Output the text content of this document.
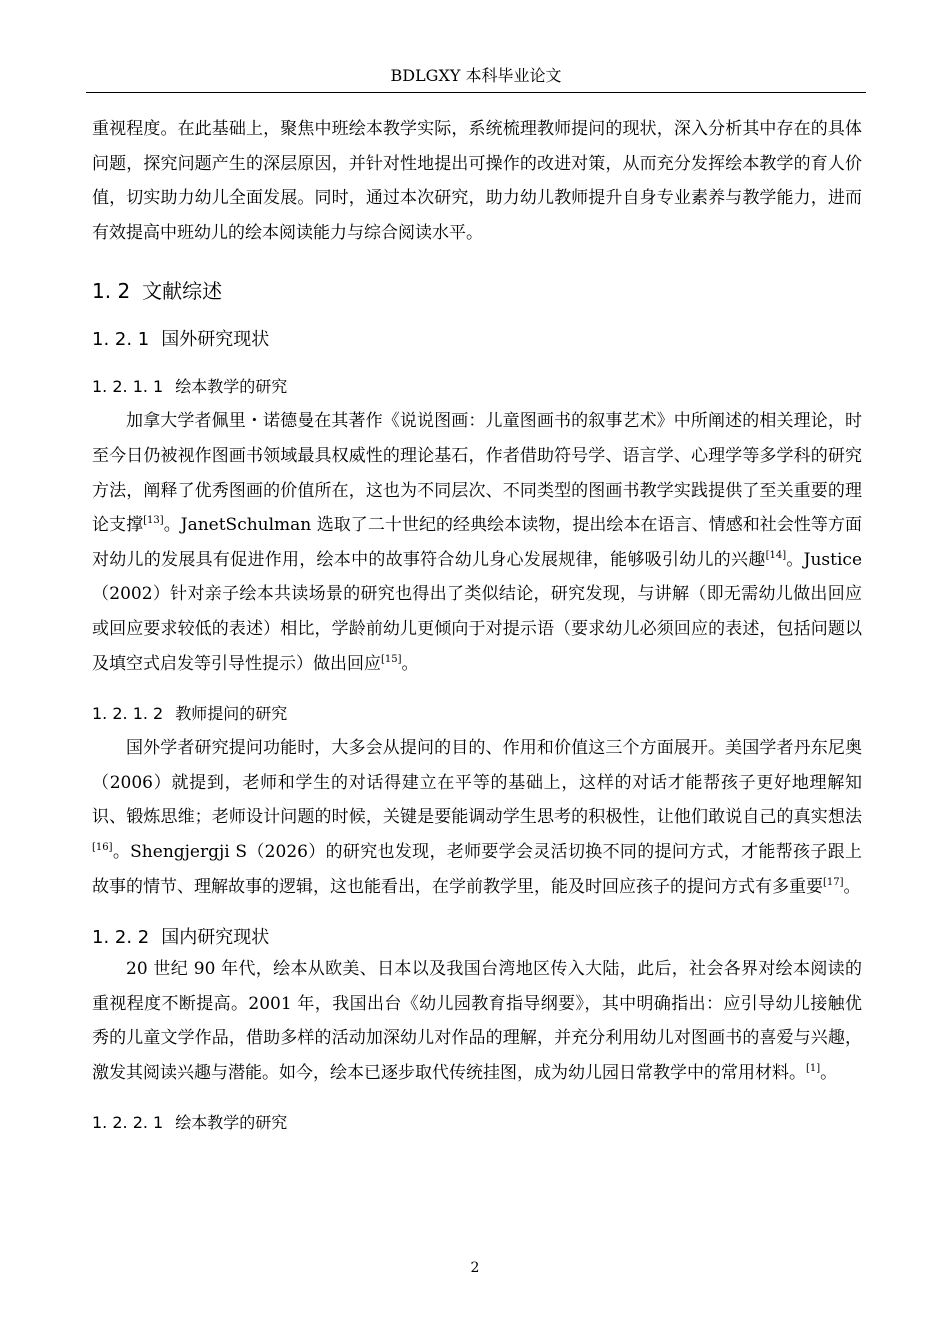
BDLGXY 本科毕业论文

重视程度。在此基础上，聚焦中班绘本教学实际，系统梳理教师提问的现状，深入分析其中存在的具体问题，探究问题产生的深层原因，并针对性地提出可操作的改进对策，从而充分发挥绘本教学的育人价值，切实助力幼儿全面发展。同时，通过本次研究，助力幼儿教师提升自身专业素养与教学能力，进而有效提高中班幼儿的绘本阅读能力与综合阅读水平。

1. 2 文献综述
1. 2. 1 国外研究现状
1. 2. 1. 1 绘本教学的研究

加拿大学者佩里・诺德曼在其著作《说说图画：儿童图画书的叙事艺术》中所阐述的相关理论，时至今日仍被视作图画书领域最具权威性的理论基石，作者借助符号学、语言学、心理学等多学科的研究方法，阐释了优秀图画的价值所在，这也为不同层次、不同类型的图画书教学实践提供了至关重要的理论支撑[13]。JanetSchulman 选取了二十世纪的经典绘本读物，提出绘本在语言、情感和社会性等方面对幼儿的发展具有促进作用，绘本中的故事符合幼儿身心发展规律，能够吸引幼儿的兴趣[14]。Justice（2002）针对亲子绘本共读场景的研究也得出了类似结论，研究发现，与讲解（即无需幼儿做出回应或回应要求较低的表述）相比，学龄前幼儿更倾向于对提示语（要求幼儿必须回应的表述，包括问题以及填空式启发等引导性提示）做出回应[15]。

1. 2. 1. 2 教师提问的研究

国外学者研究提问功能时，大多会从提问的目的、作用和价值这三个方面展开。美国学者丹东尼奥（2006）就提到，老师和学生的对话得建立在平等的基础上，这样的对话才能帮孩子更好地理解知识、锻炼思维；老师设计问题的时候，关键是要能调动学生思考的积极性，让他们敢说自己的真实想法[16]。Shengjergji S（2026）的研究也发现，老师要学会灵活切换不同的提问方式，才能帮孩子跟上故事的情节、理解故事的逻辑，这也能看出，在学前教学里，能及时回应孩子的提问方式有多重要[17]。

1. 2. 2 国内研究现状

20 世纪 90 年代，绘本从欧美、日本以及我国台湾地区传入大陆，此后，社会各界对绘本阅读的重视程度不断提高。2001 年，我国出台《幼儿园教育指导纲要》，其中明确指出：应引导幼儿接触优秀的儿童文学作品，借助多样的活动加深幼儿对作品的理解，并充分利用幼儿对图画书的喜爱与兴趣，激发其阅读兴趣与潜能。如今，绘本已逐步取代传统挂图，成为幼儿园日常教学中的常用材料。[1]。

1. 2. 2. 1 绘本教学的研究
2
